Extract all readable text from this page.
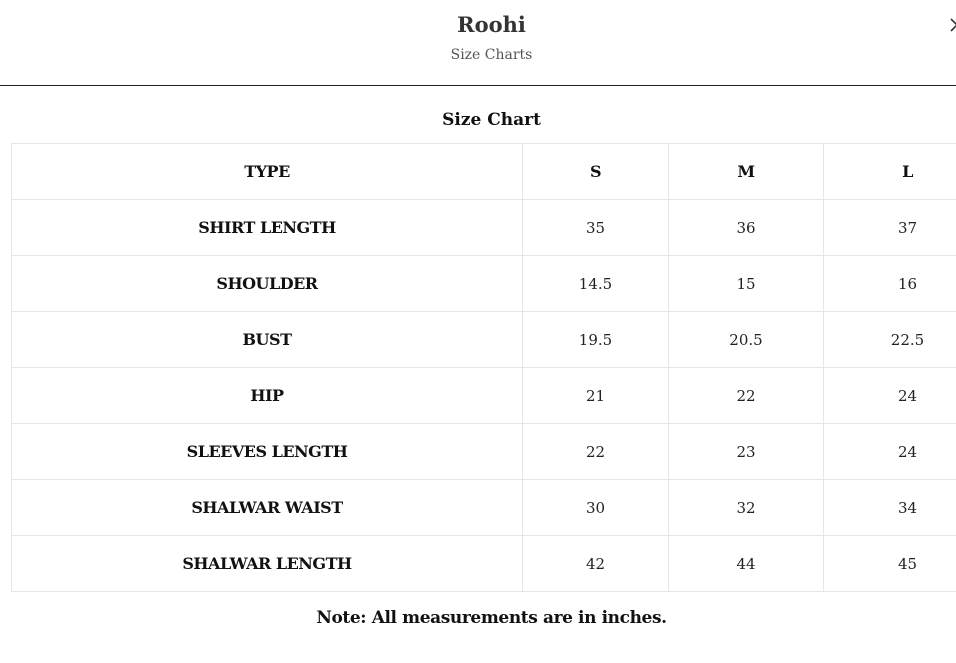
Roohi
Size Charts
Size Chart
TYPE	S	M	L
SHIRT LENGTH	35	36	37
SHOULDER	14.5	15	16
BUST	19.5	20.5	22.5
HIP	21	22	24
SLEEVES LENGTH	22	23	24
SHALWAR WAIST	30	32	34
SHALWAR LENGTH	42	44	45
Note: All measurements are in inches.
